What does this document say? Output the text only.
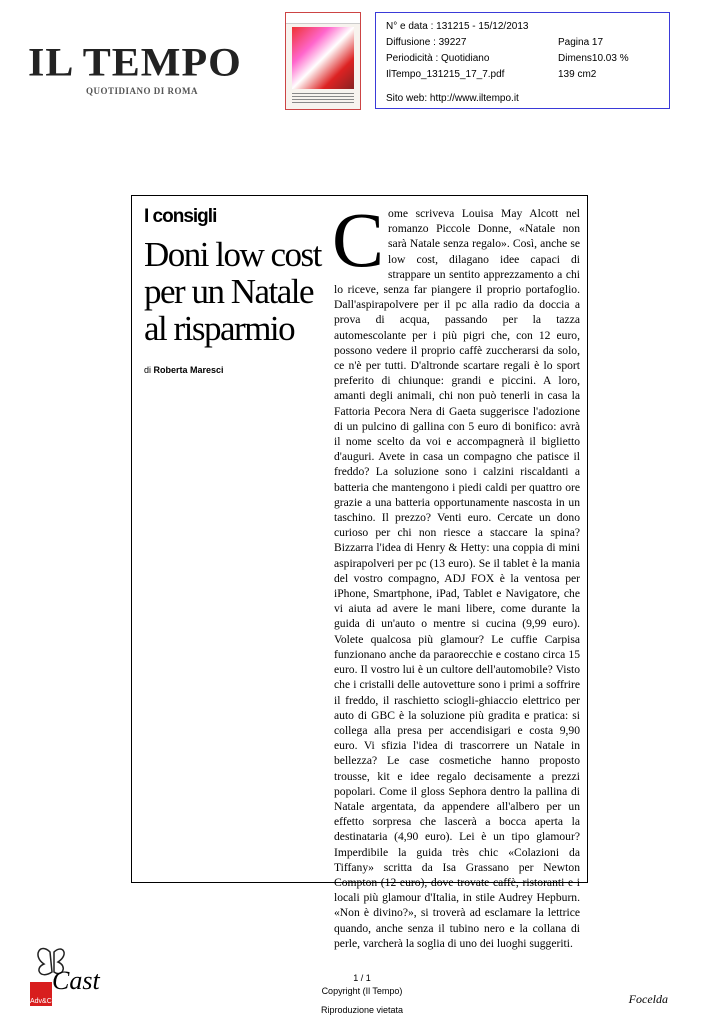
IL TEMPO
QUOTIDIANO DI ROMA
N° e data : 131215 - 15/12/2013
Diffusione : 39227	Pagina 17
Periodicità : Quotidiano	Dimens10.03 %
IlTempo_131215_17_7.pdf	139 cm2
Sito web: http://www.iltempo.it
I consigli
Doni low cost per un Natale al risparmio
di Roberta Maresci
C ome scriveva Louisa May Alcott nel romanzo Piccole Donne, «Natale non sarà Natale senza regalo». Così, anche se low cost, dilagano idee capaci di strappare un sentito apprezzamento a chi lo riceve, senza far piangere il proprio portafoglio. Dall'aspirapolvere per il pc alla radio da doccia a prova di acqua, passando per la tazza automescolante per i più pigri che, con 12 euro, possono vedere il proprio caffè zuccherarsi da solo, ce n'è per tutti. D'altronde scartare regali è lo sport preferito di chiunque: grandi e piccini. A loro, amanti degli animali, chi non può tenerli in casa la Fattoria Pecora Nera di Gaeta suggerisce l'adozione di un pulcino di gallina con 5 euro di bonifico: avrà il nome scelto da voi e accompagnerà il biglietto d'auguri. Avete in casa un compagno che patisce il freddo? La soluzione sono i calzini riscaldanti a batteria che mantengono i piedi caldi per quattro ore grazie a una batteria opportunamente nascosta in un taschino. Il prezzo? Venti euro. Cercate un dono curioso per chi non riesce a staccare la spina? Bizzarra l'idea di Henry & Hetty: una coppia di mini aspirapolveri per pc (13 euro). Se il tablet è la mania del vostro compagno, ADJ FOX è la ventosa per iPhone, Smartphone, iPad, Tablet e Navigatore, che vi aiuta ad avere le mani libere, come durante la guida di un'auto o mentre si cucina (9,99 euro). Volete qualcosa più glamour? Le cuffie Carpisa funzionano anche da paraorecchie e costano circa 15 euro. Il vostro lui è un cultore dell'automobile? Visto che i cristalli delle autovetture sono i primi a soffrire il freddo, il raschietto sciogli-ghiaccio elettrico per auto di GBC è la soluzione più gradita e pratica: si collega alla presa per accendisigari e costa 9,90 euro. Vi sfizia l'idea di trascorrere un Natale in bellezza? Le case cosmetiche hanno proposto trousse, kit e idee regalo decisamente a prezzi popolari. Come il gloss Sephora dentro la pallina di Natale argentata, da appendere all'albero per un effetto sorpresa che lascerà a bocca aperta la destinataria (4,90 euro). Lei è un tipo glamour? Imperdibile la guida très chic «Colazioni da Tiffany» scritta da Isa Grassano per Newton Compton (12 euro), dove trovate caffè, ristoranti e i locali più glamour d'Italia, in stile Audrey Hepburn. «Non è divino?», si troverà ad esclamare la lettrice quando, anche senza il tubino nero e la collana di perle, varcherà la soglia di uno dei luoghi suggeriti.
Cast
Adv&Communication
1 / 1
Copyright (Il Tempo)
Riproduzione vietata
Focelda
